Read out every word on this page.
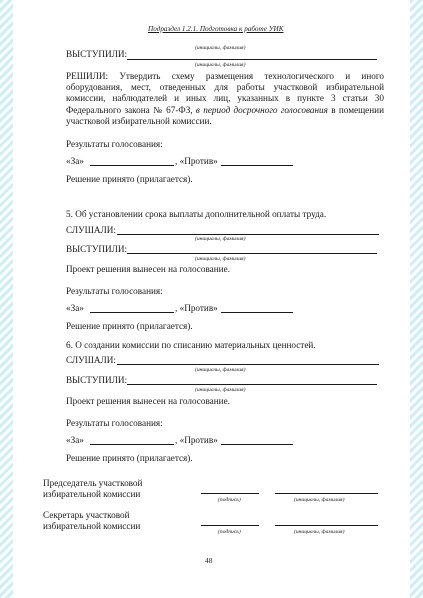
Подраздел 1.2.1. Подготовка к работе УИК
(инициалы, фамилия)
ВЫСТУПИЛИ:
(инициалы, фамилия)
РЕШИЛИ: Утвердить схему размещения технологического и иного оборудования, мест, отведенных для работы участковой избирательной комиссии, наблюдателей и иных лиц, указанных в пункте 3 статьи 30 Федерального закона № 67-ФЗ, в период досрочного голосования в помещении участковой избирательной комиссии.
Результаты голосования:
«За»	, «Против»
Решение принято (прилагается).
5. Об установлении срока выплаты дополнительной оплаты труда.
СЛУШАЛИ:
(инициалы, фамилия)
ВЫСТУПИЛИ:
(инициалы, фамилия)
Проект решения вынесен на голосование.
Результаты голосования:
«За»	, «Против»
Решение принято (прилагается).
6. О создании комиссии по списанию материальных ценностей.
СЛУШАЛИ:
(инициалы, фамилия)
ВЫСТУПИЛИ:
(инициалы, фамилия)
Проект решения вынесен на голосование.
Результаты голосования:
«За»	, «Против»
Решение принято (прилагается).
Председатель участковой
избирательной комиссии
(подпись)	(инициалы, фамилия)
Секретарь участковой
избирательной комиссии
(подпись)	(инициалы, фамилия)
48
